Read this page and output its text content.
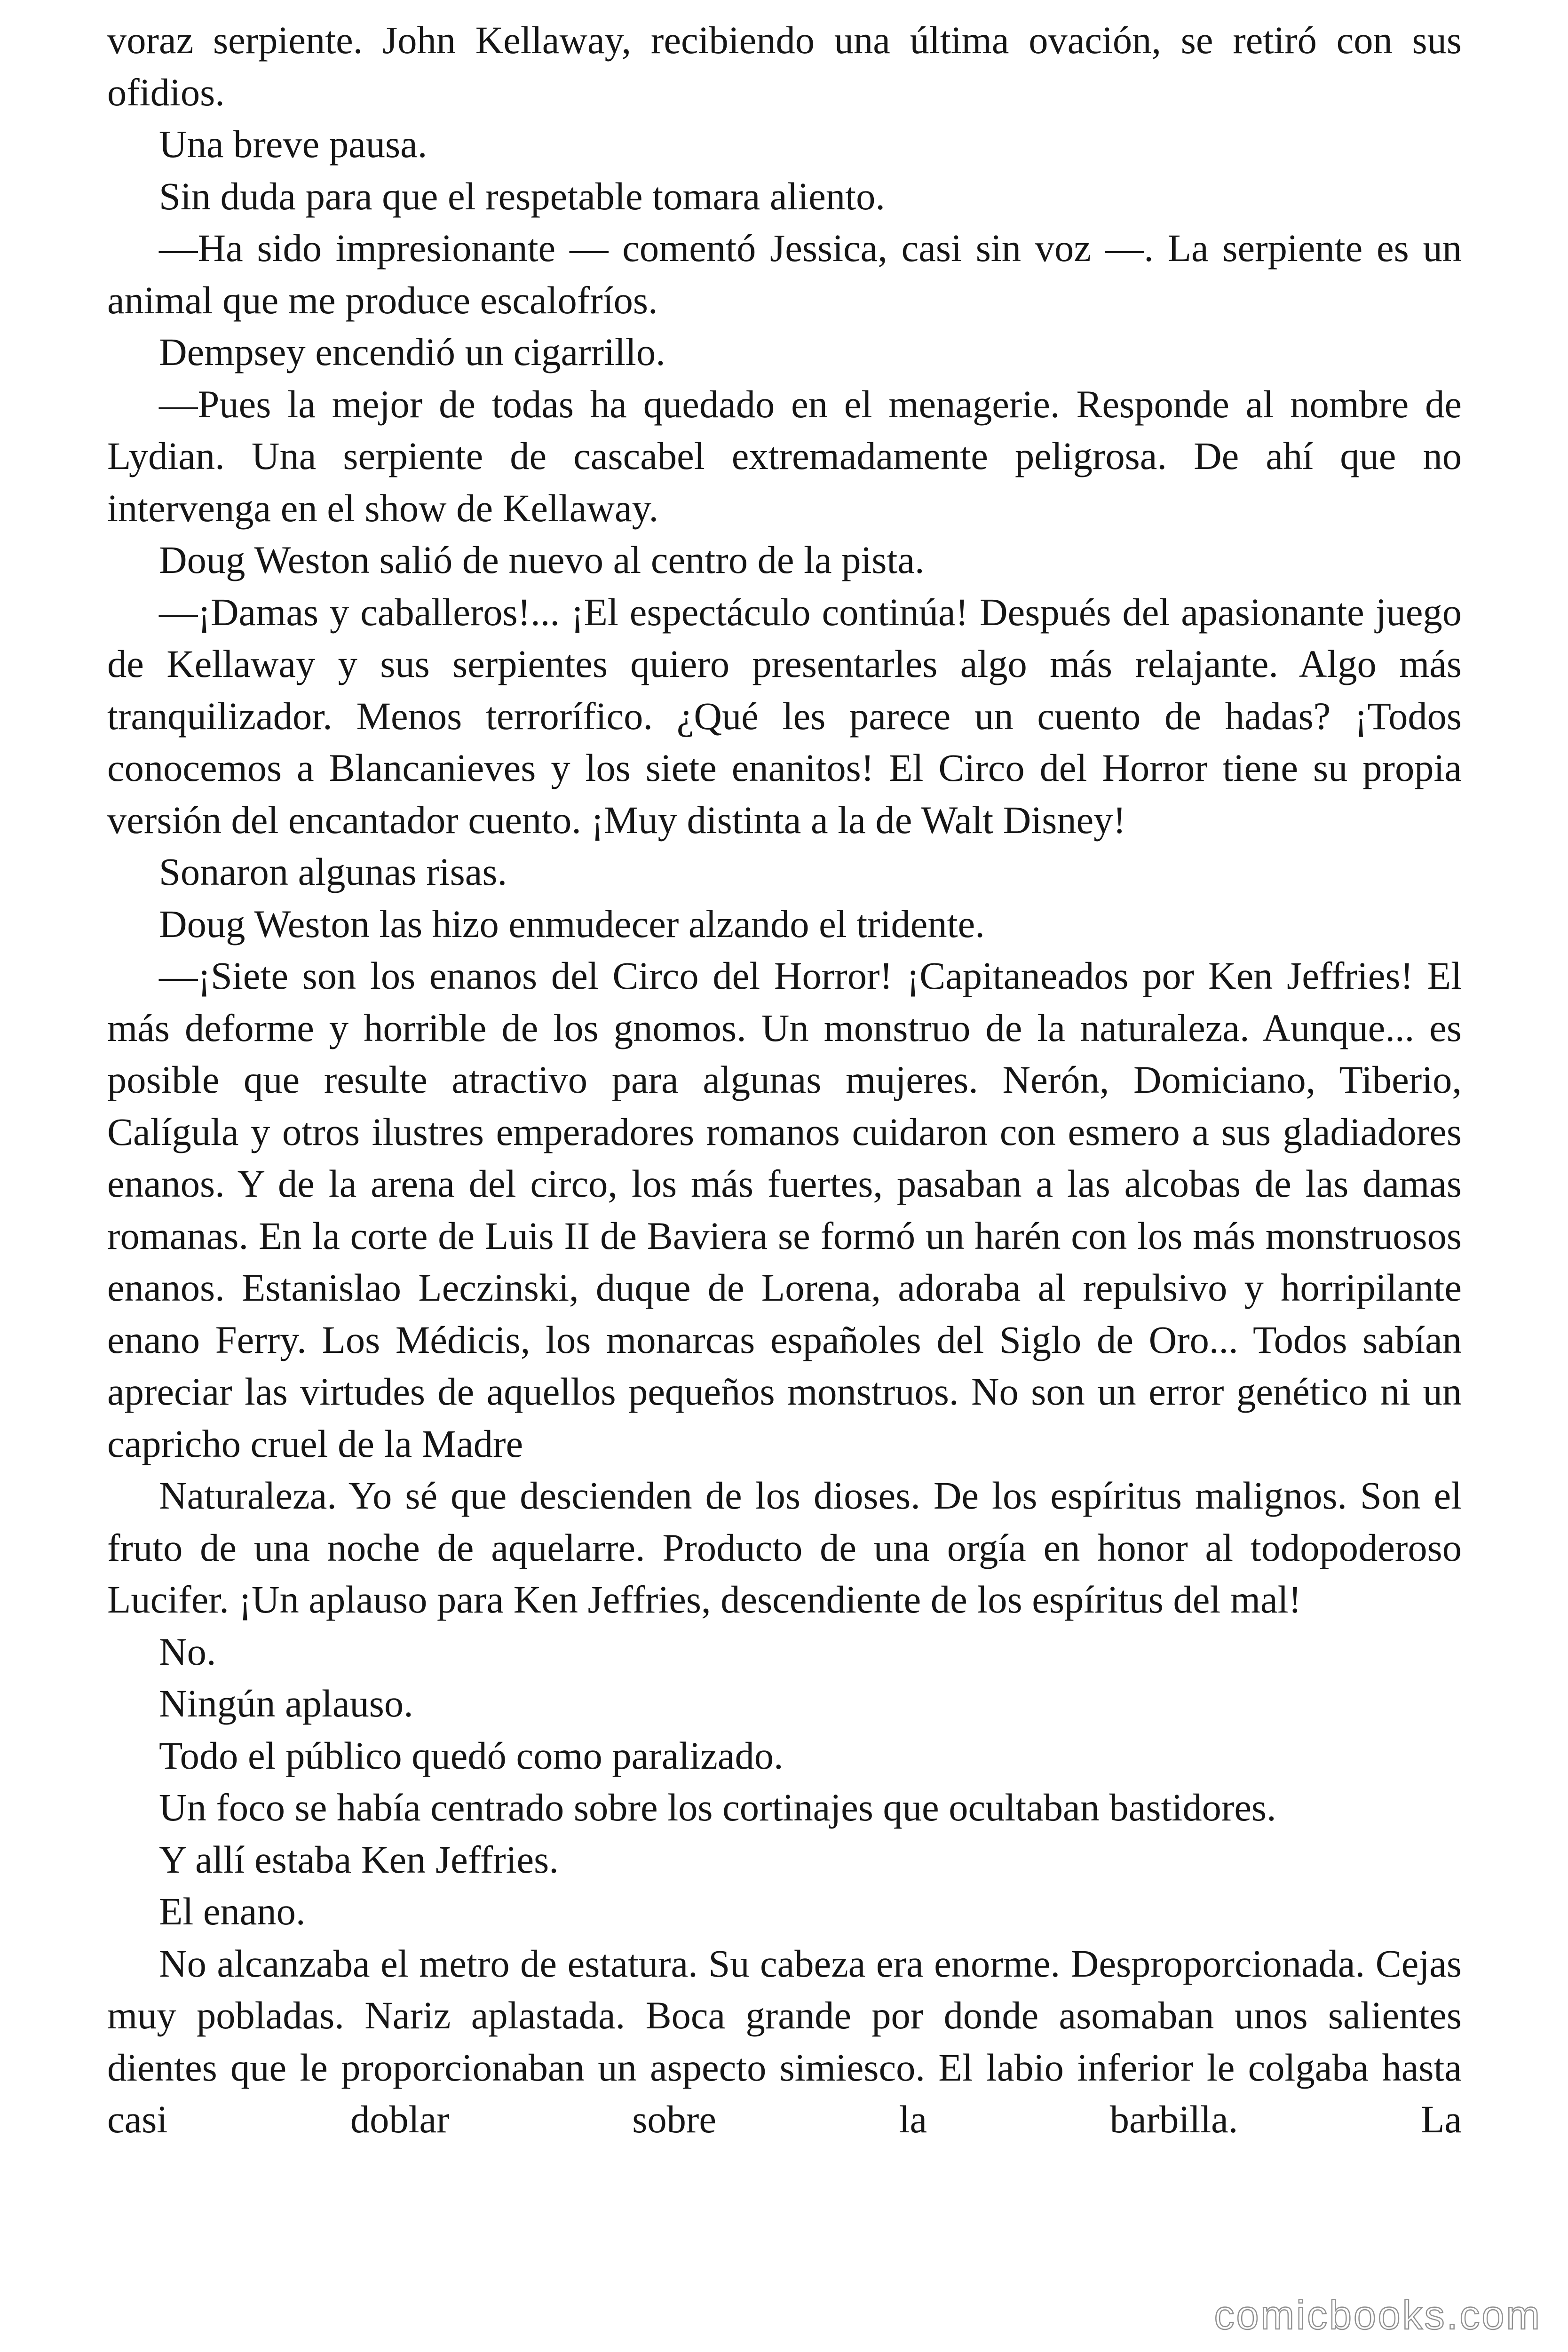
voraz serpiente. John Kellaway, recibiendo una última ovación, se retiró con sus ofidios.

Una breve pausa.

Sin duda para que el respetable tomara aliento.

—Ha sido impresionante — comentó Jessica, casi sin voz —. La serpiente es un animal que me produce escalofríos.

Dempsey encendió un cigarrillo.

—Pues la mejor de todas ha quedado en el menagerie. Responde al nombre de Lydian. Una serpiente de cascabel extremadamente peligrosa. De ahí que no intervenga en el show de Kellaway.

Doug Weston salió de nuevo al centro de la pista.

—¡Damas y caballeros!... ¡El espectáculo continúa! Después del apasionante juego de Kellaway y sus serpientes quiero presentarles algo más relajante. Algo más tranquilizador. Menos terrorífico. ¿Qué les parece un cuento de hadas? ¡Todos conocemos a Blancanieves y los siete enanitos! El Circo del Horror tiene su propia versión del encantador cuento. ¡Muy distinta a la de Walt Disney!

Sonaron algunas risas.

Doug Weston las hizo enmudecer alzando el tridente.

—¡Siete son los enanos del Circo del Horror! ¡Capitaneados por Ken Jeffries! El más deforme y horrible de los gnomos. Un monstruo de la naturaleza. Aunque... es posible que resulte atractivo para algunas mujeres. Nerón, Domiciano, Tiberio, Calígula y otros ilustres emperadores romanos cuidaron con esmero a sus gladiadores enanos. Y de la arena del circo, los más fuertes, pasaban a las alcobas de las damas romanas. En la corte de Luis II de Baviera se formó un harén con los más monstruosos enanos. Estanislao Leczinski, duque de Lorena, adoraba al repulsivo y horripilante enano Ferry. Los Médicis, los monarcas españoles del Siglo de Oro... Todos sabían apreciar las virtudes de aquellos pequeños monstruos. No son un error genético ni un capricho cruel de la Madre

Naturaleza. Yo sé que descienden de los dioses. De los espíritus malignos. Son el fruto de una noche de aquelarre. Producto de una orgía en honor al todopoderoso Lucifer. ¡Un aplauso para Ken Jeffries, descendiente de los espíritus del mal!

No.

Ningún aplauso.

Todo el público quedó como paralizado.

Un foco se había centrado sobre los cortinajes que ocultaban bastidores.

Y allí estaba Ken Jeffries.

El enano.

No alcanzaba el metro de estatura. Su cabeza era enorme. Desproporcionada. Cejas muy pobladas. Nariz aplastada. Boca grande por donde asomaban unos salientes dientes que le proporcionaban un aspecto simiesco. El labio inferior le colgaba hasta casi doblar sobre la barbilla. La

comicbooks.com
